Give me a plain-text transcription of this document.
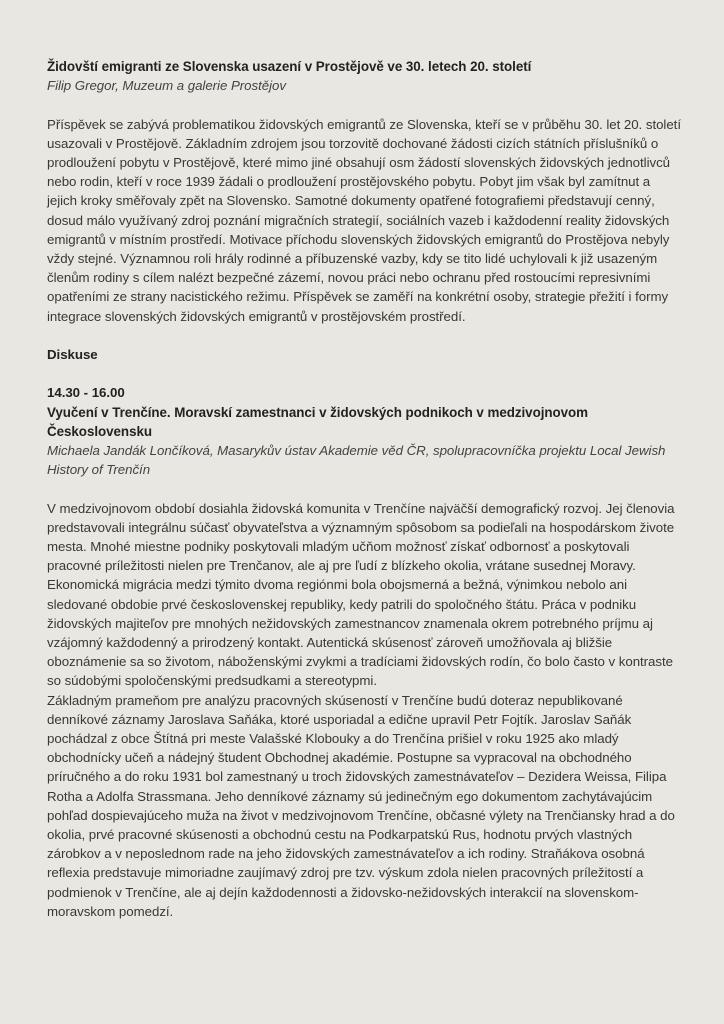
Židovští emigranti ze Slovenska usazení v Prostějově ve 30. letech 20. století

Filip Gregor, Muzeum a galerie Prostějov

Příspěvek se zabývá problematikou židovských emigrantů ze Slovenska, kteří se v průběhu 30. let 20. století usazovali v Prostějově. Základním zdrojem jsou torzovitě dochované žádosti cizích státních příslušníků o prodloužení pobytu v Prostějově, které mimo jiné obsahují osm žádostí slovenských židovských jednotlivců nebo rodin, kteří v roce 1939 žádali o prodloužení prostějovského pobytu. Pobyt jim však byl zamítnut a jejich kroky směřovaly zpět na Slovensko. Samotné dokumenty opatřené fotografiemi představují cenný, dosud málo využívaný zdroj poznání migračních strategií, sociálních vazeb i každodenní reality židovských emigrantů v místním prostředí. Motivace příchodu slovenských židovských emigrantů do Prostějova nebyly vždy stejné. Významnou roli hrály rodinné a příbuzenské vazby, kdy se tito lidé uchylovali k již usazeným členům rodiny s cílem nalézt bezpečné zázemí, novou práci nebo ochranu před rostoucími represivními opatřeními ze strany nacistického režimu. Příspěvek se zaměří na konkrétní osoby, strategie přežití i formy integrace slovenských židovských emigrantů v prostějovském prostředí.

Diskuse

14.30 - 16.00

Vyučení v Trenčíne. Moravskí zamestnanci v židovských podnikoch v medzivojnovom Československu

Michaela Jandák Lončíková, Masarykův ústav Akademie věd ČR, spolupracovníčka projektu Local Jewish History of Trenčín

V medzivojnovom období dosiahla židovská komunita v Trenčíne najväčší demografický rozvoj. Jej členovia predstavovali integrálnu súčasť obyvateľstva a významným spôsobom sa podieľali na hospodárskom živote mesta. Mnohé miestne podniky poskytovali mladým učňom možnosť získať odbornosť a poskytovali pracovné príležitosti nielen pre Trenčanov, ale aj pre ľudí z blízkeho okolia, vrátane susednej Moravy. Ekonomická migrácia medzi týmito dvoma regiónmi bola obojsmerná a bežná, výnimkou nebolo ani sledované obdobie prvé československej republiky, kedy patrili do spoločného štátu. Práca v podniku židovských majiteľov pre mnohých nežidovských zamestnancov znamenala okrem potrebného príjmu aj vzájomný každodenný a prirodzený kontakt. Autentická skúsenosť zároveň umožňovala aj bližšie oboznámenie sa so životom, náboženskými zvykmi a tradíciami židovských rodín, čo bolo často v kontraste so súdobými spoločenskými predsudkami a stereotypmi.

Základným prameňom pre analýzu pracovných skúseností v Trenčíne budú doteraz nepublikované denníkové záznamy Jaroslava Saňáka, ktoré usporiadal a edične upravil Petr Fojtík. Jaroslav Saňák pochádzal z obce Štítná pri meste Valašské Klobouky a do Trenčína prišiel v roku 1925 ako mladý obchodnícky učeň a nádejný študent Obchodnej akadémie. Postupne sa vypracoval na obchodného príručného a do roku 1931 bol zamestnaný u troch židovských zamestnávateľov – Dezidera Weissa, Filipa Rotha a Adolfa Strassmana. Jeho denníkové záznamy sú jedinečným ego dokumentom zachytávajúcim pohľad dospievajúceho muža na život v medzivojnovom Trenčíne, občasné výlety na Trenčiansky hrad a do okolia, prvé pracovné skúsenosti a obchodnú cestu na Podkarpatskú Rus, hodnotu prvých vlastných zárobkov a v neposlednom rade na jeho židovských zamestnávateľov a ich rodiny. Straňákova osobná reflexia predstavuje mimoriadne zaujímavý zdroj pre tzv. výskum zdola nielen pracovných príležitostí a podmienok v Trenčíne, ale aj dejín každodennosti a židovsko-nežidovských interakcií na slovenskom-moravskom pomedzí.
